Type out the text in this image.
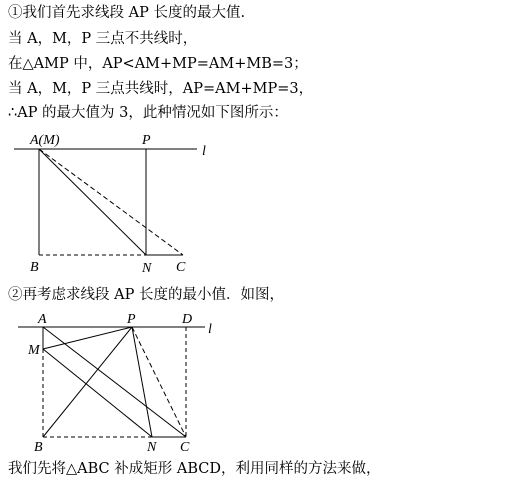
①我们首先求线段 AP 长度的最大值.
当 A，M，P 三点不共线时，
在△AMP 中，AP<AM+MP=AM+MB=3；
当 A，M，P 三点共线时，AP=AM+MP=3，
∴AP 的最大值为 3，此种情况如下图所示：
A(M)	P
l
B	N C
②再考虑求线段 AP 长度的最小值．如图，
A	P	D
l
M
B	N C
我们先将△ABC 补成矩形 ABCD，利用同样的方法来做，
